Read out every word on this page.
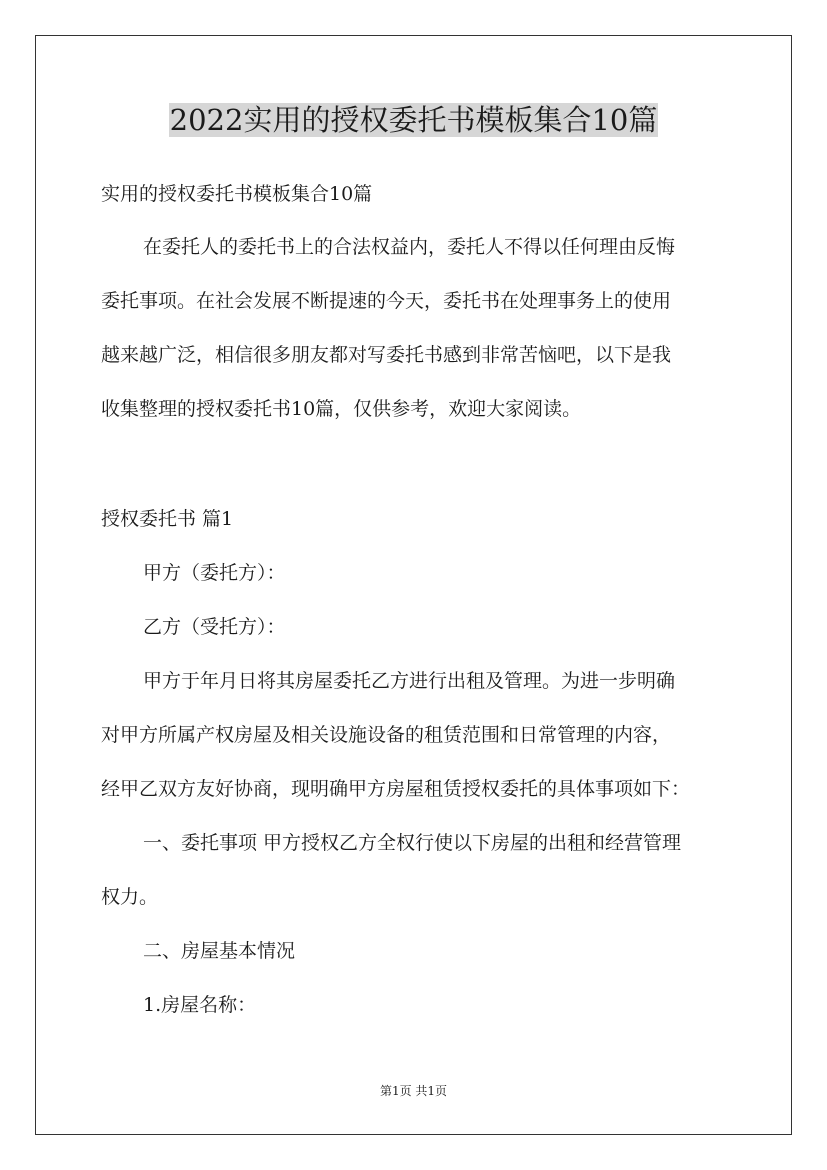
2022实用的授权委托书模板集合10篇
实用的授权委托书模板集合10篇
在委托人的委托书上的合法权益内，委托人不得以任何理由反悔
委托事项。在社会发展不断提速的今天，委托书在处理事务上的使用
越来越广泛，相信很多朋友都对写委托书感到非常苦恼吧，以下是我
收集整理的授权委托书10篇，仅供参考，欢迎大家阅读。
授权委托书 篇1
甲方（委托方）：
乙方（受托方）：
甲方于年月日将其房屋委托乙方进行出租及管理。为进一步明确
对甲方所属产权房屋及相关设施设备的租赁范围和日常管理的内容，
经甲乙双方友好协商，现明确甲方房屋租赁授权委托的具体事项如下：
一、委托事项 甲方授权乙方全权行使以下房屋的出租和经营管理
权力。
二、房屋基本情况
1.房屋名称：
第1页 共1页
